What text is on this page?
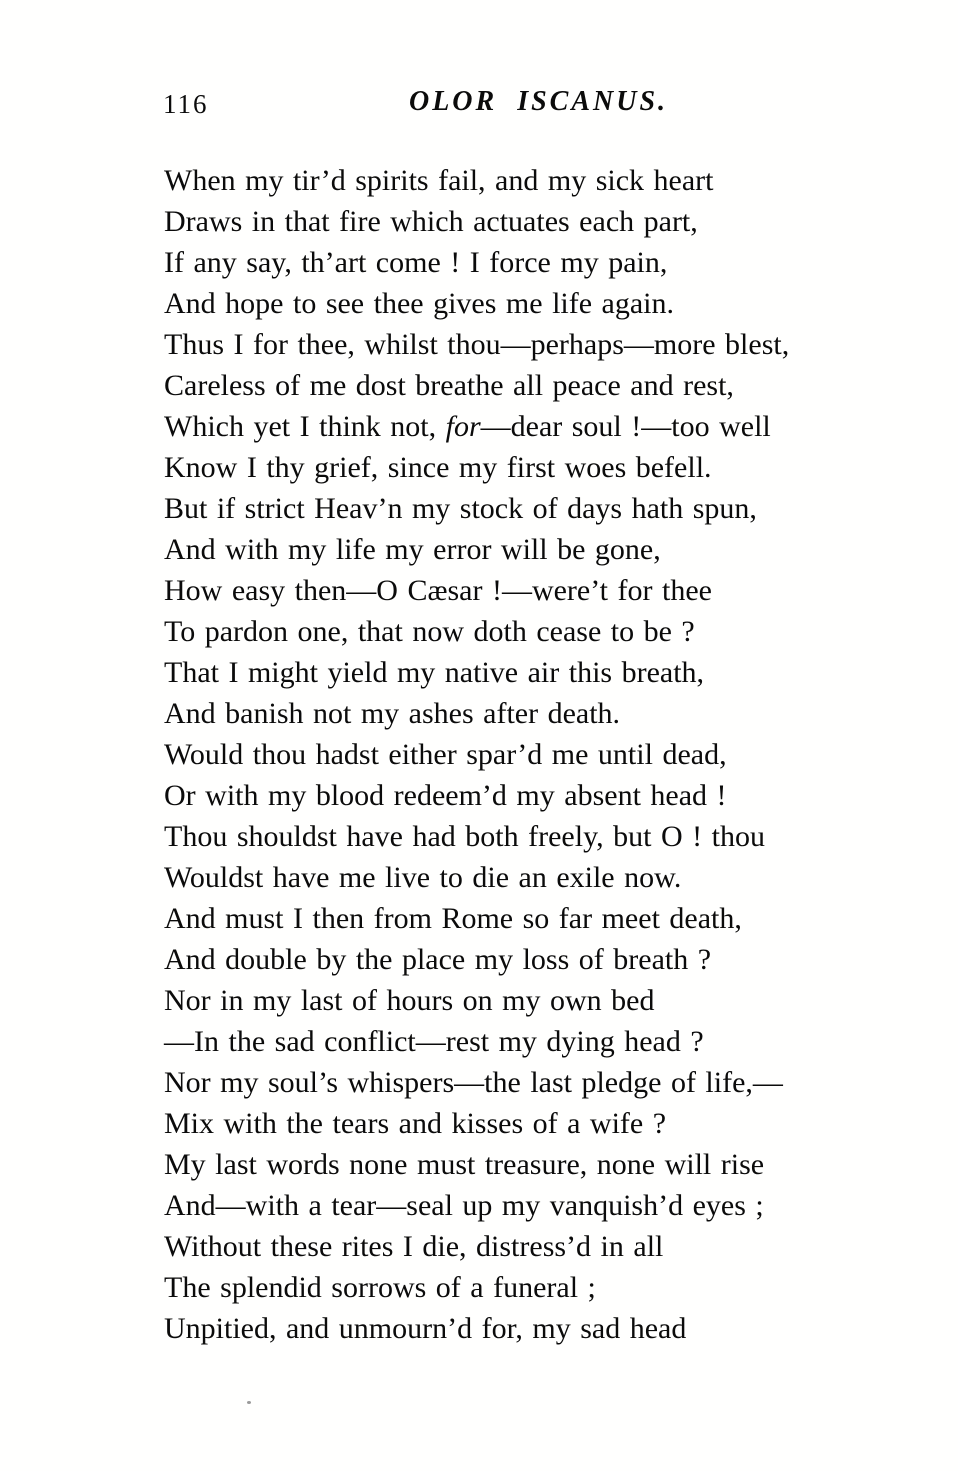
116	OLOR ISCANUS.
When my tir’d spirits fail, and my sick heart
Draws in that fire which actuates each part,
If any say, th’art come ! I force my pain,
And hope to see thee gives me life again.
Thus I for thee, whilst thou—perhaps—more blest,
Careless of me dost breathe all peace and rest,
Which yet I think not, for—dear soul !—too well
Know I thy grief, since my first woes befell.
But if strict Heav’n my stock of days hath spun,
And with my life my error will be gone,
How easy then—O Cæsar !—were’t for thee
To pardon one, that now doth cease to be ?
That I might yield my native air this breath,
And banish not my ashes after death.
Would thou hadst either spar’d me until dead,
Or with my blood redeem’d my absent head !
Thou shouldst have had both freely, but O ! thou
Wouldst have me live to die an exile now.
And must I then from Rome so far meet death,
And double by the place my loss of breath ?
Nor in my last of hours on my own bed
—In the sad conflict—rest my dying head ?
Nor my soul’s whispers—the last pledge of life,—
Mix with the tears and kisses of a wife ?
My last words none must treasure, none will rise
And—with a tear—seal up my vanquish’d eyes ;
Without these rites I die, distress’d in all
The splendid sorrows of a funeral ;
Unpitied, and unmourn’d for, my sad head
